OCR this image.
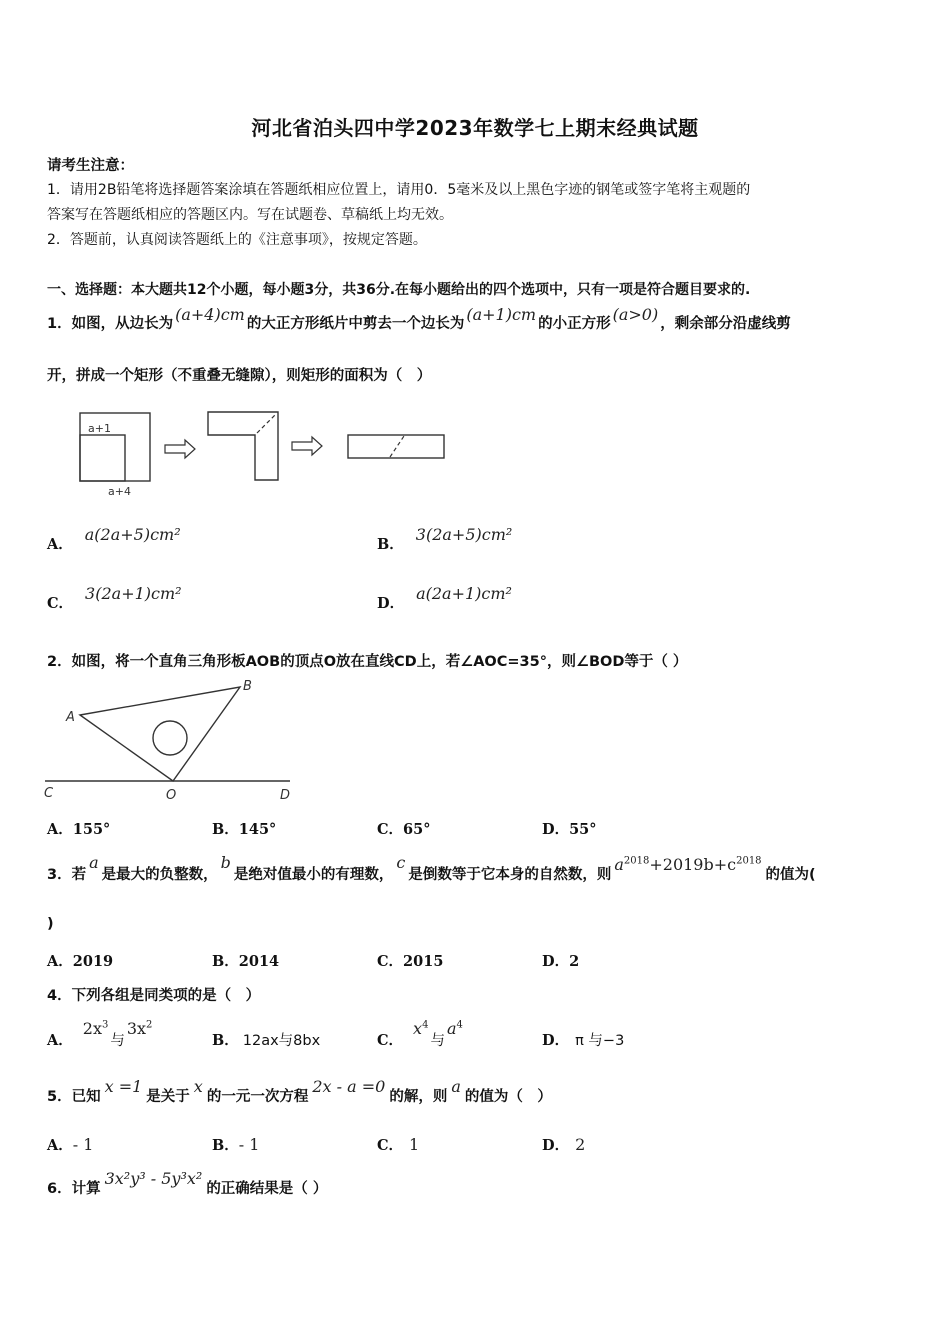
河北省泊头四中学2023年数学七上期末经典试题
请考生注意：
1．请用2B铅笔将选择题答案涂填在答题纸相应位置上，请用0．5毫米及以上黑色字迹的钢笔或签字笔将主观题的
答案写在答题纸相应的答题区内。写在试题卷、草稿纸上均无效。
2．答题前，认真阅读答题纸上的《注意事项》，按规定答题。
一、选择题：本大题共12个小题，每小题3分，共36分.在每小题给出的四个选项中，只有一项是符合题目要求的.
1．如图，从边长为 (a+4)cm 的大正方形纸片中剪去一个边长为 (a+1)cm 的小正方形 (a>0) ，剩余部分沿虚线剪
开，拼成一个矩形（不重叠无缝隙），则矩形的面积为（　）
a+1
a+4
A．
a(2a+5)cm²
B．
3(2a+5)cm²
C．
3(2a+1)cm²
D．
a(2a+1)cm²
2．如图，将一个直角三角形板AOB的顶点O放在直线CD上，若∠AOC=35°，则∠BOD等于（ ）
A
B
C	O	D
A．155°	B．145°	C．65°	D．55°
3．若
a
是最大的负整数，
b
是绝对值最小的有理数，
c
是倒数等于它本身的自然数，则
$a^{2018}+2019b+c^{2018}$
的值为(
)
A．2019	B．2014	C．2015	D．2
4．下列各组是同类项的是（　）
A．
$2x^3$
与
$3x^2$
B． 12ax与8bx	C．
$x^4$
与
$a^4$
D． π 与−3
5．已知
x =1
是关于
x
的一元一次方程
2x - a =0
的解，则
a
的值为（　）
A．- 1	B．- 1	C． 1	D． 2
6．计算
3x²y³ - 5y³x²
的正确结果是（ ）
